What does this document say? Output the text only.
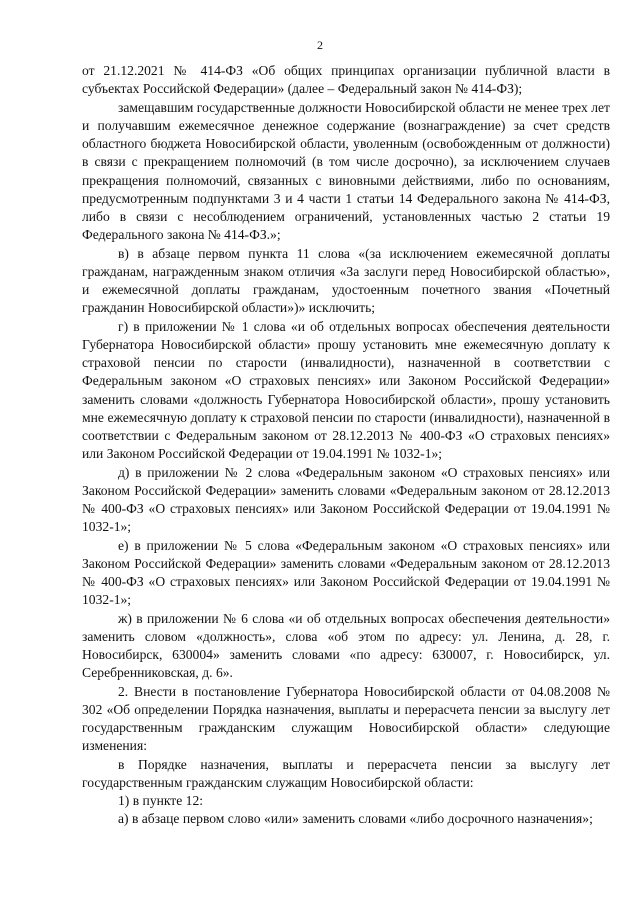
2

от 21.12.2021 № 414-ФЗ «Об общих принципах организации публичной власти в субъектах Российской Федерации» (далее – Федеральный закон № 414-ФЗ);

замещавшим государственные должности Новосибирской области не менее трех лет и получавшим ежемесячное денежное содержание (вознаграждение) за счет средств областного бюджета Новосибирской области, уволенным (освобожденным от должности) в связи с прекращением полномочий (в том числе досрочно), за исключением случаев прекращения полномочий, связанных с виновными действиями, либо по основаниям, предусмотренным подпунктами 3 и 4 части 1 статьи 14 Федерального закона № 414-ФЗ, либо в связи с несоблюдением ограничений, установленных частью 2 статьи 19 Федерального закона № 414-ФЗ.»;

в) в абзаце первом пункта 11 слова «(за исключением ежемесячной доплаты гражданам, награжденным знаком отличия «За заслуги перед Новосибирской областью», и ежемесячной доплаты гражданам, удостоенным почетного звания «Почетный гражданин Новосибирской области»)» исключить;

г) в приложении № 1 слова «и об отдельных вопросах обеспечения деятельности Губернатора Новосибирской области» прошу установить мне ежемесячную доплату к страховой пенсии по старости (инвалидности), назначенной в соответствии с Федеральным законом «О страховых пенсиях» или Законом Российской Федерации» заменить словами «должность Губернатора Новосибирской области», прошу установить мне ежемесячную доплату к страховой пенсии по старости (инвалидности), назначенной в соответствии с Федеральным законом от 28.12.2013 № 400-ФЗ «О страховых пенсиях» или Законом Российской Федерации от 19.04.1991 № 1032-1»;

д) в приложении № 2 слова «Федеральным законом «О страховых пенсиях» или Законом Российской Федерации» заменить словами «Федеральным законом от 28.12.2013 № 400-ФЗ «О страховых пенсиях» или Законом Российской Федерации от 19.04.1991 № 1032-1»;

е) в приложении № 5 слова «Федеральным законом «О страховых пенсиях» или Законом Российской Федерации» заменить словами «Федеральным законом от 28.12.2013 № 400-ФЗ «О страховых пенсиях» или Законом Российской Федерации от 19.04.1991 № 1032-1»;

ж) в приложении № 6 слова «и об отдельных вопросах обеспечения деятельности» заменить словом «должность», слова «об этом по адресу: ул. Ленина, д. 28, г. Новосибирск, 630004» заменить словами «по адресу: 630007, г. Новосибирск, ул. Серебренниковская, д. 6».

2. Внести в постановление Губернатора Новосибирской области от 04.08.2008 № 302 «Об определении Порядка назначения, выплаты и перерасчета пенсии за выслугу лет государственным гражданским служащим Новосибирской области» следующие изменения:

в Порядке назначения, выплаты и перерасчета пенсии за выслугу лет государственным гражданским служащим Новосибирской области:

1) в пункте 12:

а) в абзаце первом слово «или» заменить словами «либо досрочного назначения»;
